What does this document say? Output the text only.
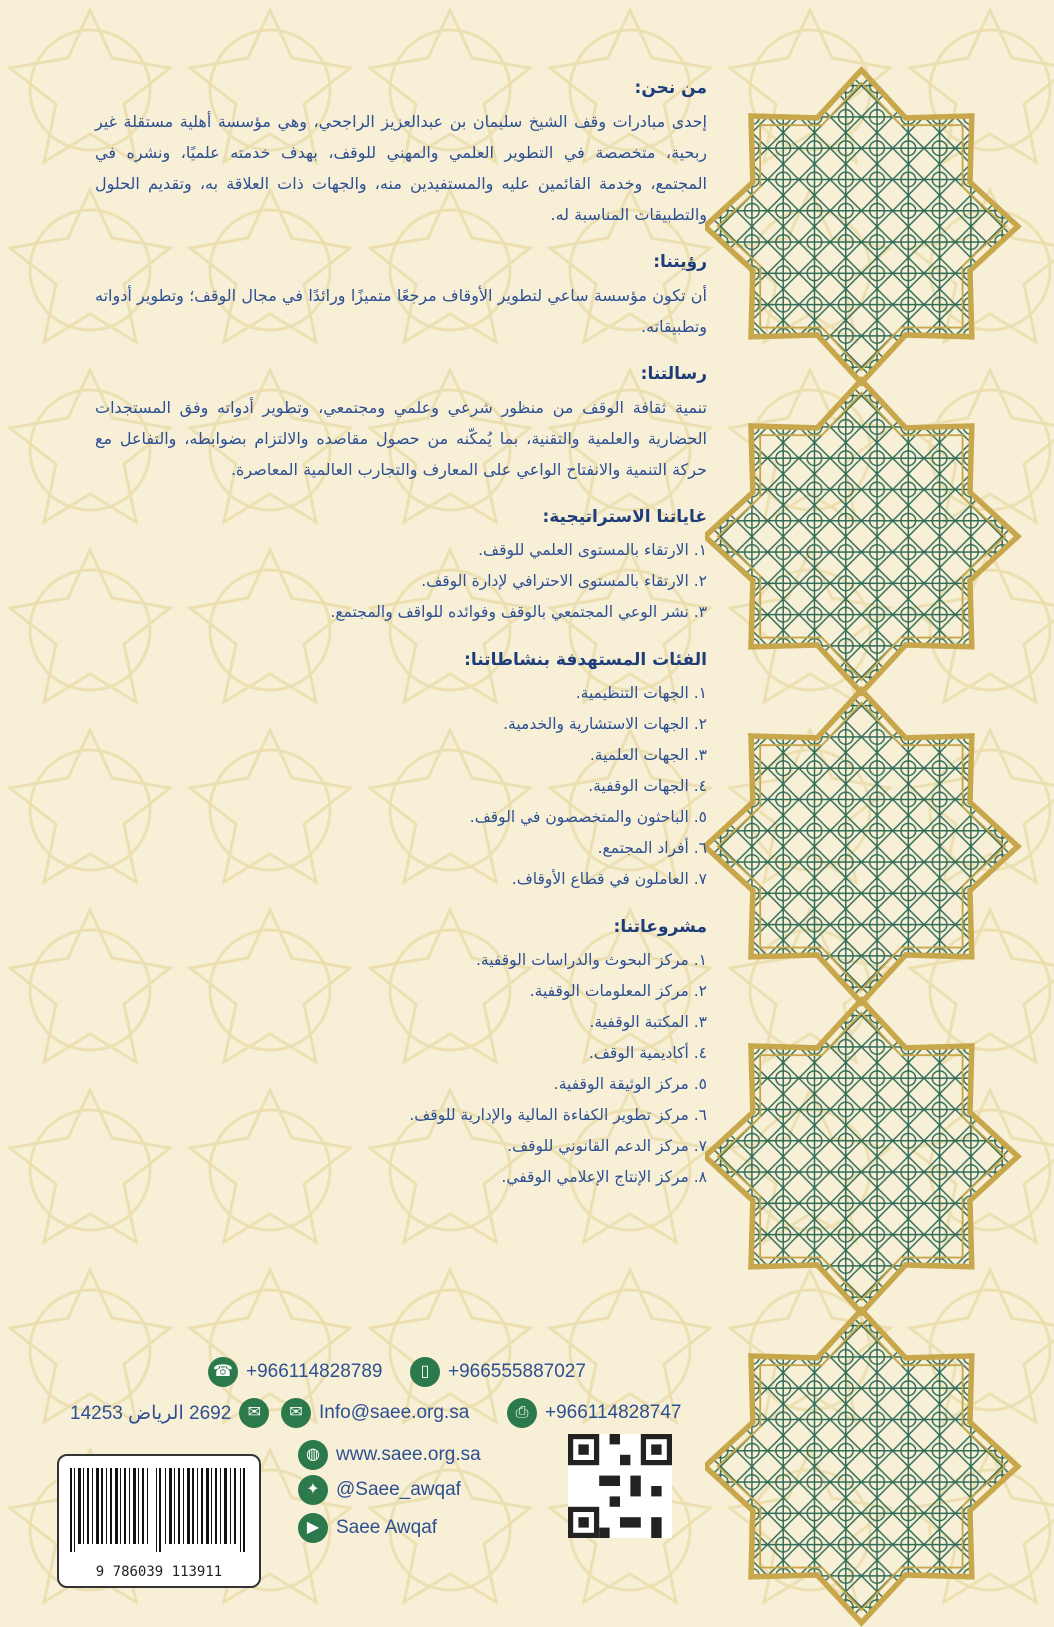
من نحن:

إحدى مبادرات وقف الشيخ سليمان بن عبدالعزيز الراجحي، وهي مؤسسة أهلية مستقلة غير ربحية، متخصصة في التطوير العلمي والمهني للوقف، بهدف خدمته علميًا، ونشره في المجتمع، وخدمة القائمين عليه والمستفيدين منه، والجهات ذات العلاقة به، وتقديم الحلول والتطبيقات المناسبة له.

رؤيتنا:

أن تكون مؤسسة ساعي لتطوير الأوقاف مرجعًا متميزًا ورائدًا في مجال الوقف؛ وتطوير أدواته وتطبيقاته.

رسالتنا:

تنمية ثقافة الوقف من منظور شرعي وعلمي ومجتمعي، وتطوير أدواته وفق المستجدات الحضارية والعلمية والتقنية، بما يُمكّنه من حصول مقاصده والالتزام بضوابطه، والتفاعل مع حركة التنمية والانفتاح الواعي على المعارف والتجارب العالمية المعاصرة.

غاياتنا الاستراتيجية:
١. الارتقاء بالمستوى العلمي للوقف.
٢. الارتقاء بالمستوى الاحترافي لإدارة الوقف.
٣. نشر الوعي المجتمعي بالوقف وفوائده للواقف والمجتمع.
الفئات المستهدفة بنشاطاتنا:
١. الجهات التنظيمية.
٢. الجهات الاستشارية والخدمية.
٣. الجهات العلمية.
٤. الجهات الوقفية.
٥. الباحثون والمتخصصون في الوقف.
٦. أفراد المجتمع.
٧. العاملون في قطاع الأوقاف.
مشروعاتنا:
١. مركز البحوث والدراسات الوقفية.
٢. مركز المعلومات الوقفية.
٣. المكتبة الوقفية.
٤. أكاديمية الوقف.
٥. مركز الوثيقة الوقفية.
٦. مركز تطوير الكفاءة المالية والإدارية للوقف.
٧. مركز الدعم القانوني للوقف.
٨. مركز الإنتاج الإعلامي الوقفي.
▯ +966555887027
☎ +966114828789
⎙ +966114828747
✉ Info@saee.org.sa
✉
2692 الرياض 14253
◍ www.saee.org.sa
✦ @Saee_awqaf
▶ Saee Awqaf
9 786039 113911
